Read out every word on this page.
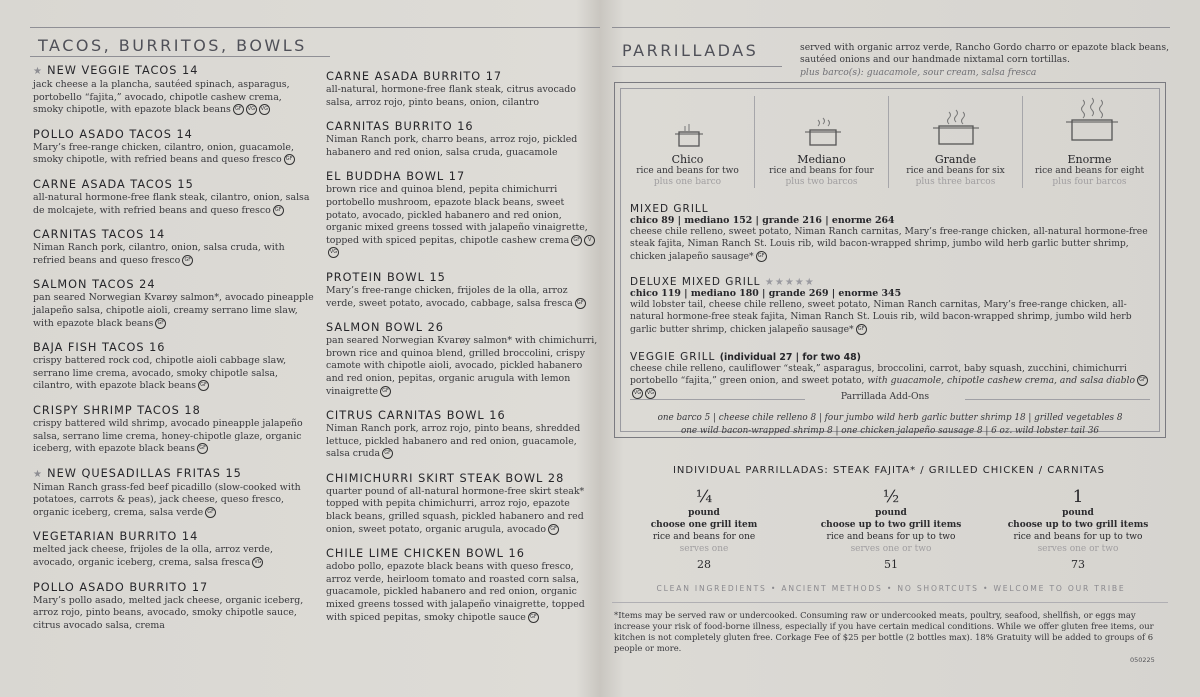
TACOS, BURRITOS, BOWLS
★ NEW VEGGIE TACOS 14
jack cheese a la plancha, sautéed spinach, asparagus, portobello “fajita,” avocado, chipotle cashew crema, smoky chipotle, with epazote black beans GF VG VG
POLLO ASADO TACOS 14
Mary’s free-range chicken, cilantro, onion, guacamole, smoky chipotle, with refried beans and queso fresco GF
CARNE ASADA TACOS 15
all-natural hormone-free flank steak, cilantro, onion, salsa de molcajete, with refried beans and queso fresco GF
CARNITAS TACOS 14
Niman Ranch pork, cilantro, onion, salsa cruda, with refried beans and queso fresco GF
SALMON TACOS 24
pan seared Norwegian Kvarøy salmon*, avocado pineapple jalapeño salsa, chipotle aioli, creamy serrano lime slaw, with epazote black beans GF
BAJA FISH TACOS 16
crispy battered rock cod, chipotle aioli cabbage slaw, serrano lime crema, avocado, smoky chipotle salsa, cilantro, with epazote black beans GF
CRISPY SHRIMP TACOS 18
crispy battered wild shrimp, avocado pineapple jalapeño salsa, serrano lime crema, honey-chipotle glaze, organic iceberg, with epazote black beans GF
★ NEW QUESADILLAS FRITAS 15
Niman Ranch grass-fed beef picadillo (slow-cooked with potatoes, carrots & peas), jack cheese, queso fresco, organic iceberg, crema, salsa verde GF
VEGETARIAN BURRITO 14
melted jack cheese, frijoles de la olla, arroz verde, avocado, organic iceberg, crema, salsa fresca VG
POLLO ASADO BURRITO 17
Mary’s pollo asado, melted jack cheese, organic iceberg, arroz rojo, pinto beans, avocado, smoky chipotle sauce, citrus avocado salsa, crema
CARNE ASADA BURRITO 17
all-natural, hormone-free flank steak, citrus avocado salsa, arroz rojo, pinto beans, onion, cilantro
CARNITAS BURRITO 16
Niman Ranch pork, charro beans, arroz rojo, pickled habanero and red onion, salsa cruda, guacamole
EL BUDDHA BOWL 17
brown rice and quinoa blend, pepita chimichurri portobello mushroom, epazote black beans, sweet potato, avocado, pickled habanero and red onion, organic mixed greens tossed with jalapeño vinaigrette, topped with spiced pepitas, chipotle cashew crema GF VVG
PROTEIN BOWL 15
Mary’s free-range chicken, frijoles de la olla, arroz verde, sweet potato, avocado, cabbage, salsa fresca GF
SALMON BOWL 26
pan seared Norwegian Kvarøy salmon* with chimichurri, brown rice and quinoa blend, grilled broccolini, crispy camote with chipotle aioli, avocado, pickled habanero and red onion, pepitas, organic arugula with lemon vinaigrette GF
CITRUS CARNITAS BOWL 16
Niman Ranch pork, arroz rojo, pinto beans, shredded lettuce, pickled habanero and red onion, guacamole, salsa cruda GF
CHIMICHURRI SKIRT STEAK BOWL 28
quarter pound of all-natural hormone-free skirt steak* topped with pepita chimichurri, arroz rojo, epazote black beans, grilled squash, pickled habanero and red onion, sweet potato, organic arugula, avocado GF
CHILE LIME CHICKEN BOWL 16
adobo pollo, epazote black beans with queso fresco, arroz verde, heirloom tomato and roasted corn salsa, guacamole, pickled habanero and red onion, organic mixed greens tossed with jalapeño vinaigrette, topped with spiced pepitas, smoky chipotle sauce GF
PARRILLADAS	served with organic arroz verde, Rancho Gordo charro or epazote black beans, sautéed onions and our handmade nixtamal corn tortillas.
plus barco(s): guacamole, sour cream, salsa fresca
Chico
rice and beans for two
plus one barco
Mediano
rice and beans for four
plus two barcos
Grande
rice and beans for six
plus three barcos
Enorme
rice and beans for eight
plus four barcos
MIXED GRILL
chico 89 | mediano 152 | grande 216 | enorme 264
cheese chile relleno, sweet potato, Niman Ranch carnitas, Mary’s free-range chicken, all-natural hormone-free steak fajita, Niman Ranch St. Louis rib, wild bacon-wrapped shrimp, jumbo wild herb garlic butter shrimp, chicken jalapeño sausage* GF
DELUXE MIXED GRILL ★★★★★
chico 119 | mediano 180 | grande 269 | enorme 345
wild lobster tail, cheese chile relleno, sweet potato, Niman Ranch carnitas, Mary’s free-range chicken, all-natural hormone-free steak fajita, Niman Ranch St. Louis rib, wild bacon-wrapped shrimp, jumbo wild herb garlic butter shrimp, chicken jalapeño sausage* GF
VEGGIE GRILL (individual 27 | for two 48)
cheese chile relleno, cauliflower “steak,” asparagus, broccolini, carrot, baby squash, zucchini, chimichurri portobello “fajita,” green onion, and sweet potato, with guacamole, chipotle cashew crema, and salsa diablo GFVG VG	Parrillada Add-Ons
one barco 5 | cheese chile relleno 8 | four jumbo wild herb garlic butter shrimp 18 | grilled vegetables 8
one wild bacon-wrapped shrimp 8 | one chicken jalapeño sausage 8 | 6 oz. wild lobster tail 36
INDIVIDUAL PARRILLADAS: STEAK FAJITA* / GRILLED CHICKEN / CARNITAS
¼
pound
choose one grill item
rice and beans for one
serves one
28
½
pound
choose up to two grill items
rice and beans for up to two
serves one or two
51
1
pound
choose up to two grill items
rice and beans for up to two
serves one or two
73
CLEAN INGREDIENTS • ANCIENT METHODS • NO SHORTCUTS • WELCOME TO OUR TRIBE
*Items may be served raw or undercooked. Consuming raw or undercooked meats, poultry, seafood, shellfish, or eggs may increase your risk of food-borne illness, especially if you have certain medical conditions. While we offer gluten free items, our kitchen is not completely gluten free. Corkage Fee of $25 per bottle (2 bottles max). 18% Gratuity will be added to groups of 6 people or more.
050225
